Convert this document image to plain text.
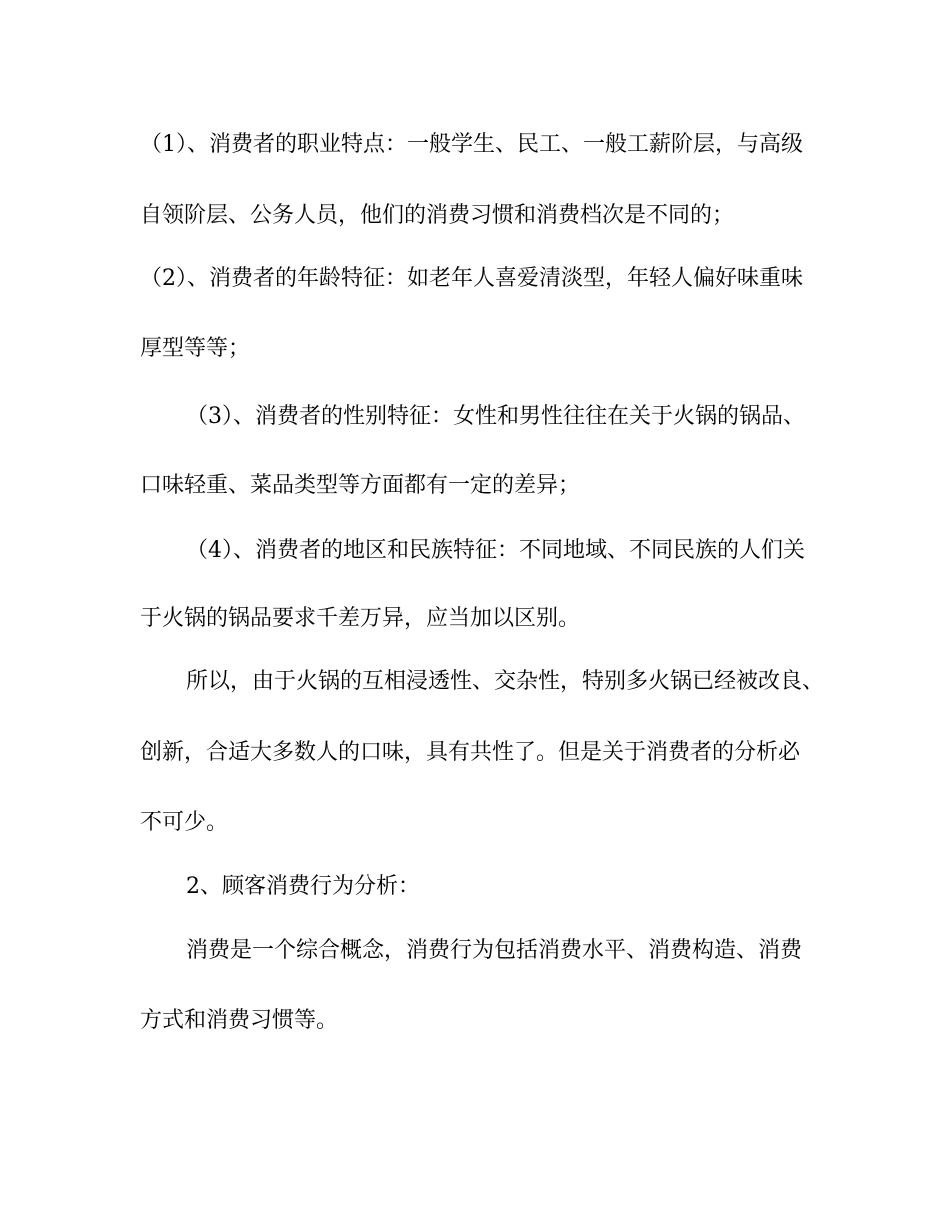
（1）、消费者的职业特点：一般学生、民工、一般工薪阶层，与高级
自领阶层、公务人员，他们的消费习惯和消费档次是不同的；
（2）、消费者的年龄特征：如老年人喜爱清淡型，年轻人偏好味重味
厚型等等；
（3）、消费者的性别特征：女性和男性往往在关于火锅的锅品、
口味轻重、菜品类型等方面都有一定的差异；
（4）、消费者的地区和民族特征：不同地域、不同民族的人们关
于火锅的锅品要求千差万异，应当加以区别。
所以，由于火锅的互相浸透性、交杂性，特别多火锅已经被改良、
创新，合适大多数人的口味，具有共性了。但是关于消费者的分析必
不可少。
2、顾客消费行为分析：
消费是一个综合概念，消费行为包括消费水平、消费构造、消费
方式和消费习惯等。
